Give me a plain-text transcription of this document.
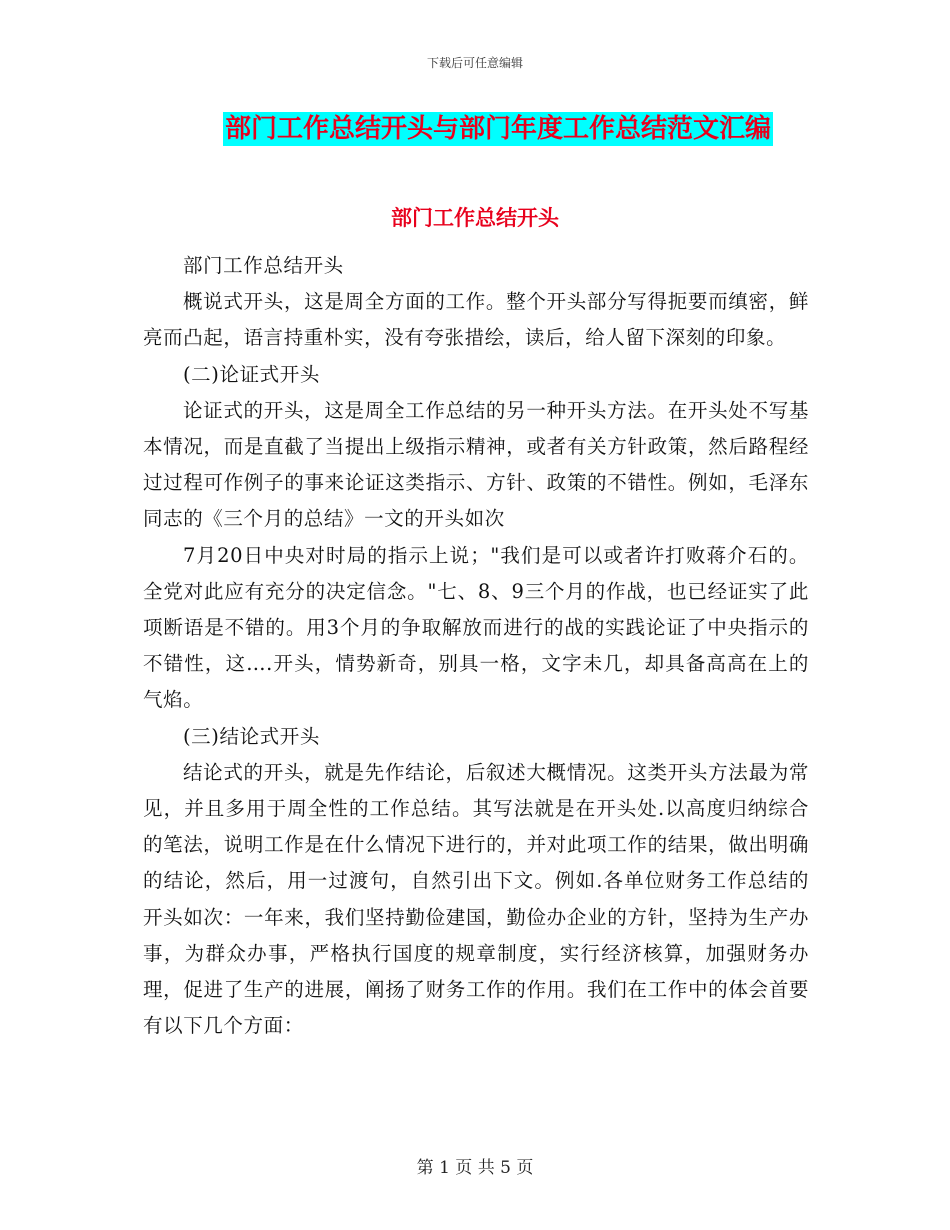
下载后可任意编辑
部门工作总结开头与部门年度工作总结范文汇编
部门工作总结开头

部门工作总结开头

概说式开头，这是周全方面的工作。整个开头部分写得扼要而缜密，鲜亮而凸起，语言持重朴实，没有夸张措绘，读后，给人留下深刻的印象。

(二)论证式开头

论证式的开头，这是周全工作总结的另一种开头方法。在开头处不写基本情况，而是直截了当提出上级指示精神，或者有关方针政策，然后路程经过过程可作例子的事来论证这类指示、方针、政策的不错性。例如，毛泽东同志的《三个月的总结》一文的开头如次

7月20日中央对时局的指示上说；"我们是可以或者许打败蒋介石的。全党对此应有充分的决定信念。"七、8、9三个月的作战，也已经证实了此项断语是不错的。用3个月的争取解放而进行的战的实践论证了中央指示的不错性，这….开头，情势新奇，别具一格，文字未几，却具备高高在上的气焰。

(三)结论式开头

结论式的开头，就是先作结论，后叙述大概情况。这类开头方法最为常见，并且多用于周全性的工作总结。其写法就是在开头处.以高度归纳综合的笔法，说明工作是在什么情况下进行的，并对此项工作的结果，做出明确的结论，然后，用一过渡句，自然引出下文。例如.各单位财务工作总结的开头如次：一年来，我们坚持勤俭建国，勤俭办企业的方针，坚持为生产办事，为群众办事，严格执行国度的规章制度，实行经济核算，加强财务办理，促进了生产的进展，阐扬了财务工作的作用。我们在工作中的体会首要有以下几个方面：

第 1 页 共 5 页
